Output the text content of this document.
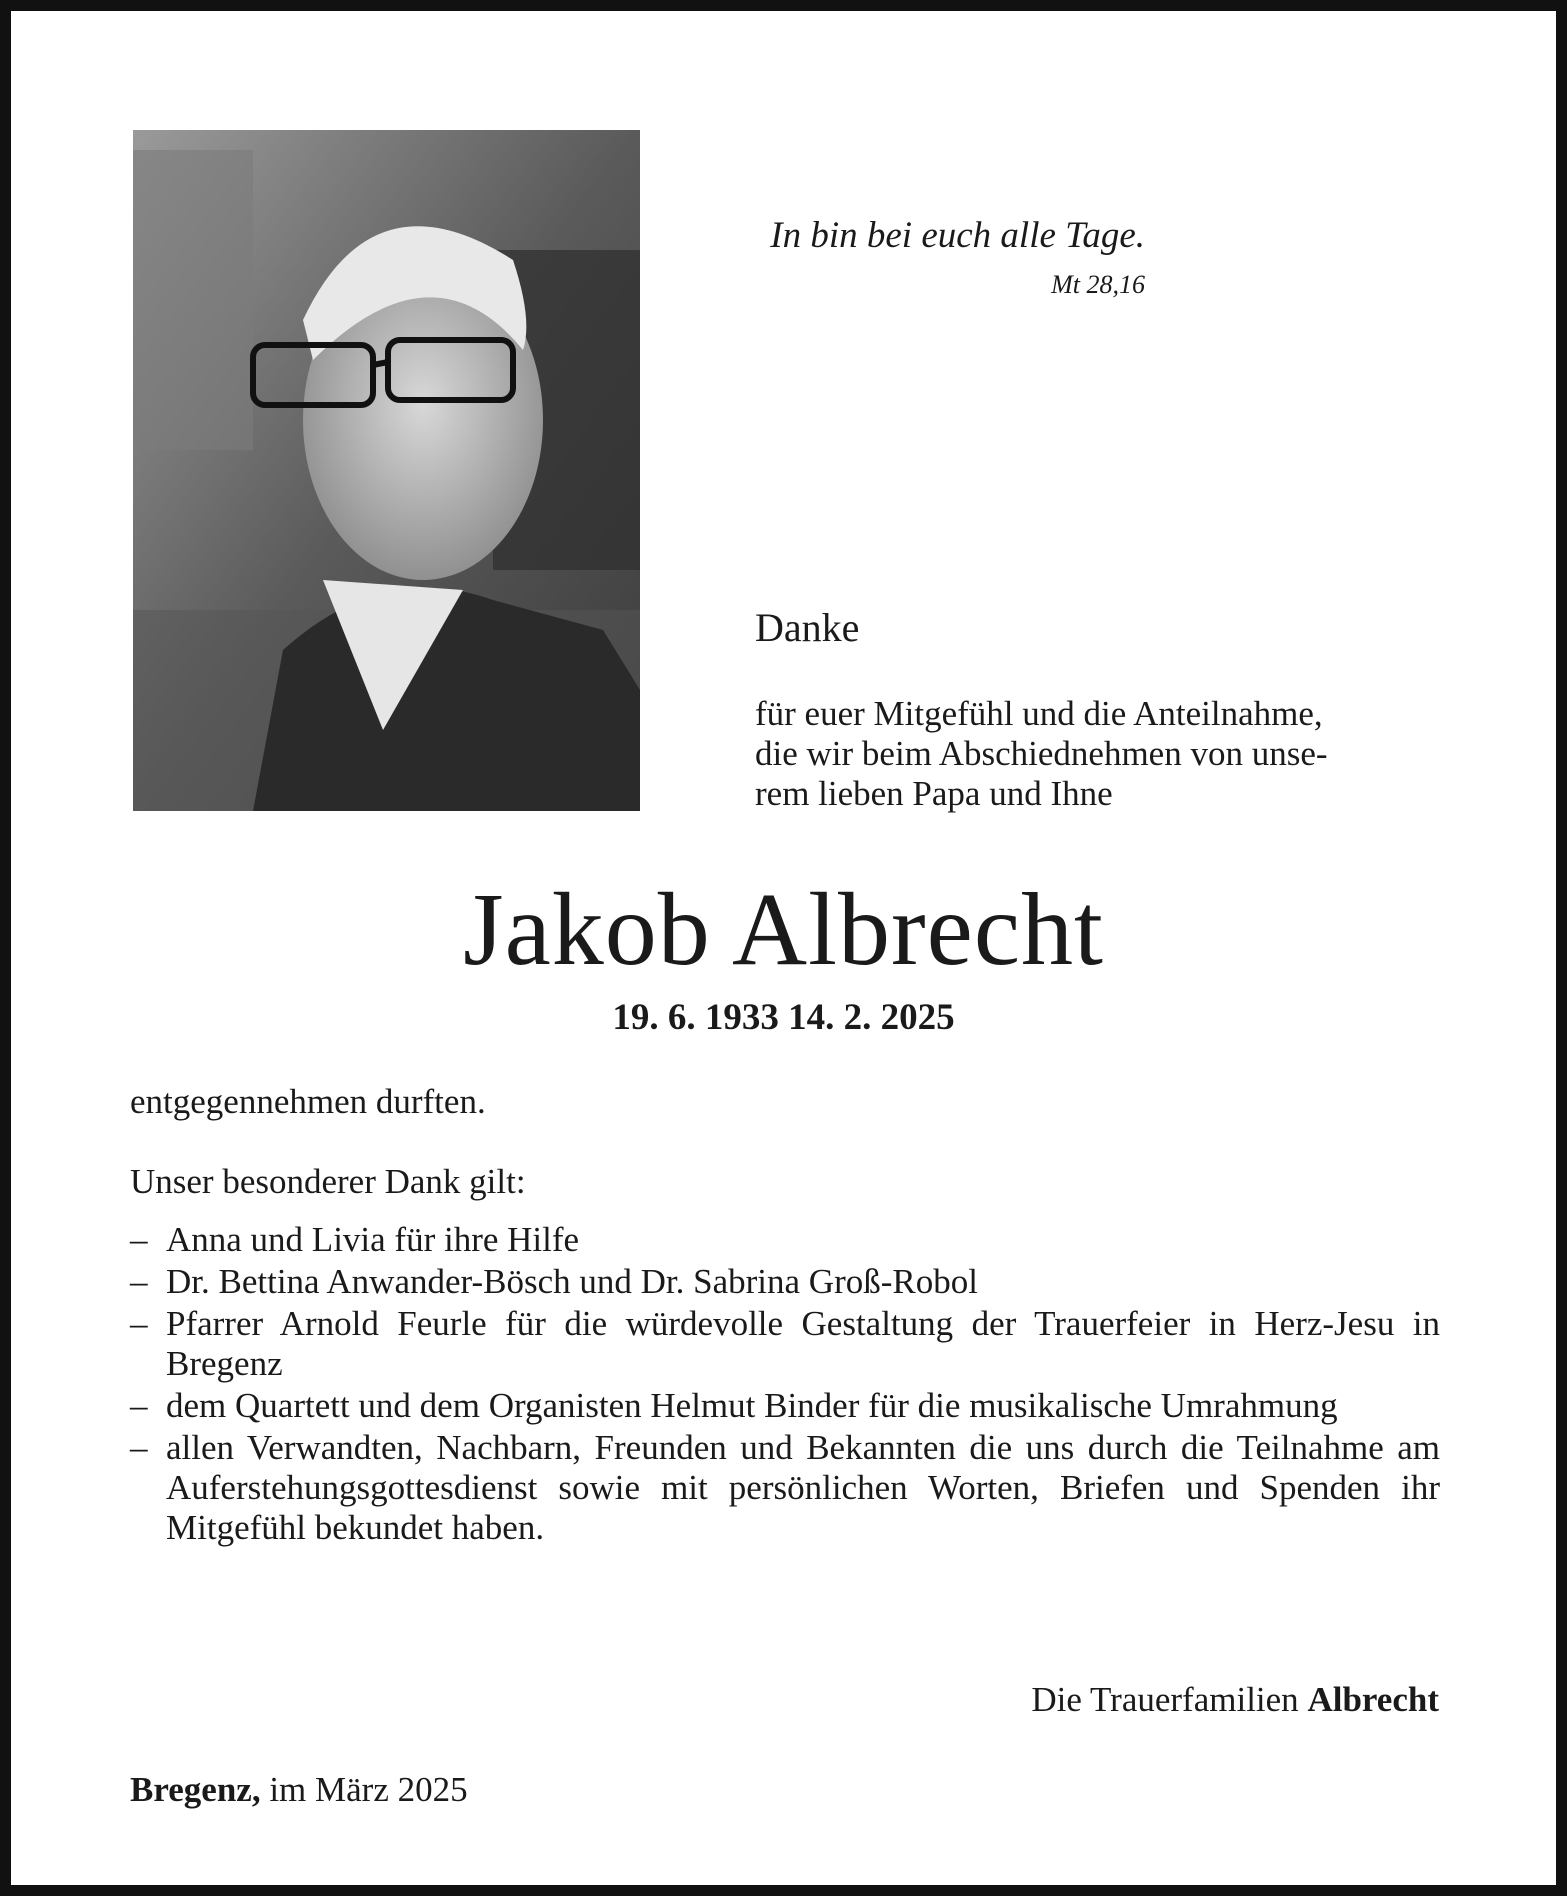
In bin bei euch alle Tage.
Mt 28,16
Danke
für euer Mitgefühl und die Anteilnahme,
die wir beim Abschiednehmen von unse-
rem lieben Papa und Ihne
Jakob Albrecht
19. 6. 1933 14. 2. 2025
entgegennehmen durften.
Unser besonderer Dank gilt:
– Anna und Livia für ihre Hilfe
– Dr. Bettina Anwander-Bösch und Dr. Sabrina Groß-Robol
– Pfarrer Arnold Feurle für die würdevolle Gestaltung der Trauerfeier in Herz-Jesu in Bregenz
– dem Quartett und dem Organisten Helmut Binder für die musikalische Umrahmung
– allen Verwandten, Nachbarn, Freunden und Bekannten die uns durch die Teilnahme am Auferstehungsgottesdienst sowie mit persönlichen Worten, Briefen und Spenden ihr Mitgefühl bekundet haben.
Die Trauerfamilien Albrecht
Bregenz, im März 2025
